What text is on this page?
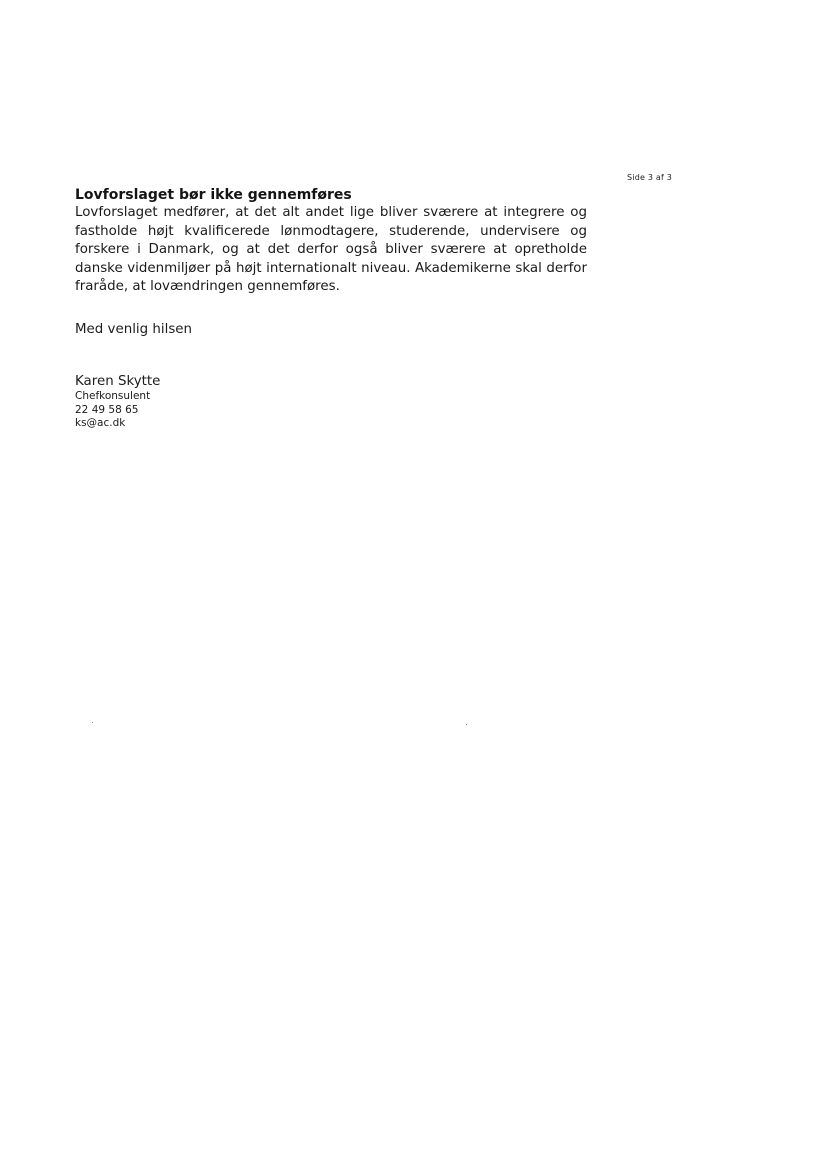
Side 3 af 3

Lovforslaget bør ikke gennemføres

Lovforslaget medfører, at det alt andet lige bliver sværere at integrere og fastholde højt kvalificerede lønmodtagere, studerende, undervisere og forskere i Danmark, og at det derfor også bliver sværere at opretholde danske videnmiljøer på højt internationalt niveau. Akademikerne skal derfor fraråde, at lovændringen gennemføres.

Med venlig hilsen

Karen Skytte

Chefkonsulent

22 49 58 65

ks@ac.dk
